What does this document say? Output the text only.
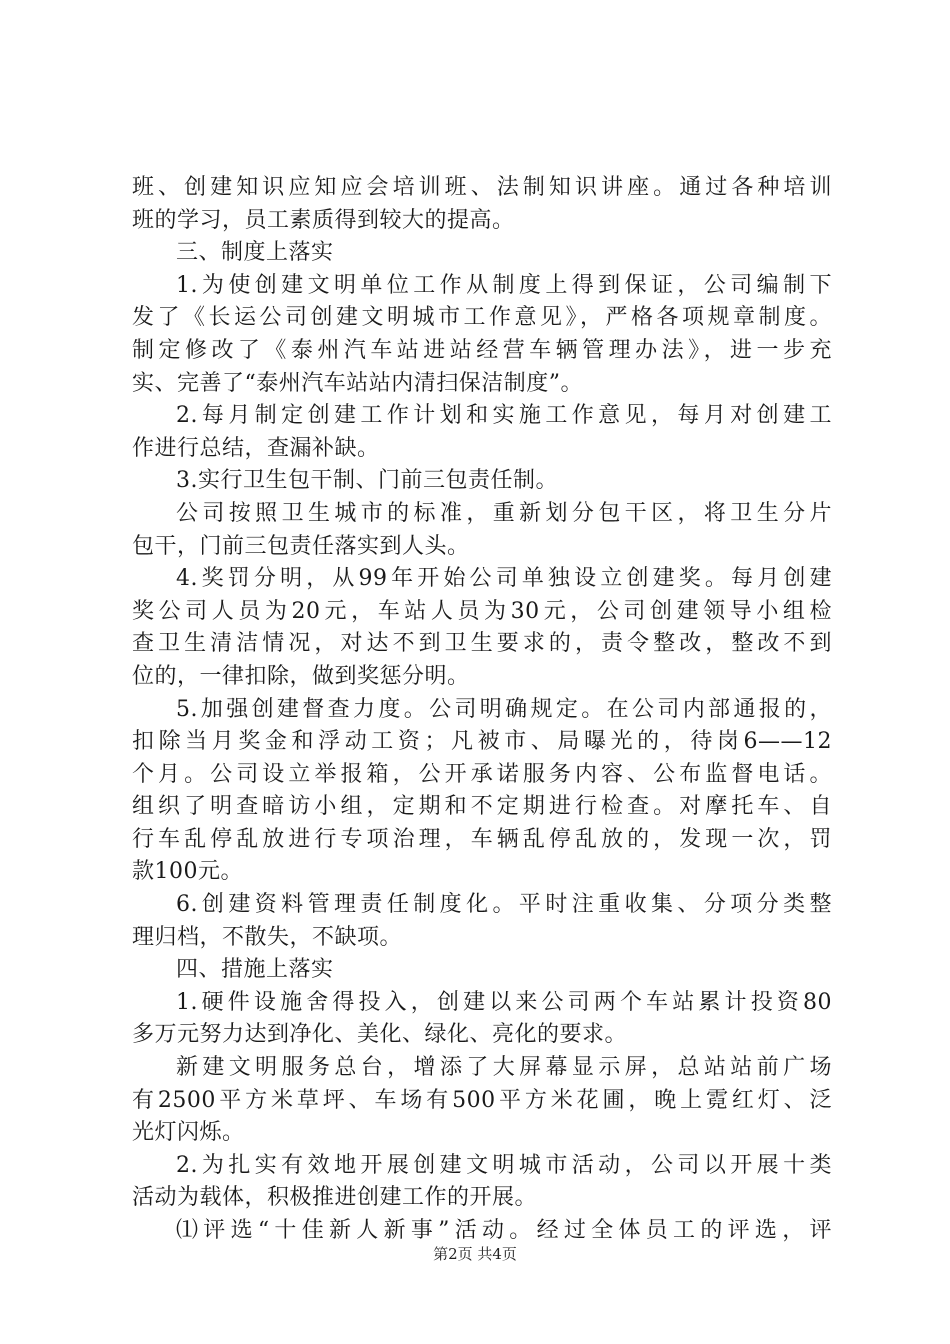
班、创建知识应知应会培训班、法制知识讲座。通过各种培训
班的学习，员工素质得到较大的提高。
三、制度上落实
1.为使创建文明单位工作从制度上得到保证，公司编制下
发了《长运公司创建文明城市工作意见》，严格各项规章制度。
制定修改了《泰州汽车站进站经营车辆管理办法》，进一步充
实、完善了“泰州汽车站站内清扫保洁制度”。
2.每月制定创建工作计划和实施工作意见，每月对创建工
作进行总结，查漏补缺。
3.实行卫生包干制、门前三包责任制。
公司按照卫生城市的标准，重新划分包干区，将卫生分片
包干，门前三包责任落实到人头。
4.奖罚分明，从99年开始公司单独设立创建奖。每月创建
奖公司人员为20元，车站人员为30元，公司创建领导小组检
查卫生清洁情况，对达不到卫生要求的，责令整改，整改不到
位的，一律扣除，做到奖惩分明。
5.加强创建督查力度。公司明确规定。在公司内部通报的，
扣除当月奖金和浮动工资；凡被市、局曝光的，待岗6——12
个月。公司设立举报箱，公开承诺服务内容、公布监督电话。
组织了明查暗访小组，定期和不定期进行检查。对摩托车、自
行车乱停乱放进行专项治理，车辆乱停乱放的，发现一次，罚
款100元。
6.创建资料管理责任制度化。平时注重收集、分项分类整
理归档，不散失，不缺项。
四、措施上落实
1.硬件设施舍得投入，创建以来公司两个车站累计投资80
多万元努力达到净化、美化、绿化、亮化的要求。
新建文明服务总台，增添了大屏幕显示屏，总站站前广场
有2500平方米草坪、车场有500平方米花圃，晚上霓红灯、泛
光灯闪烁。
2.为扎实有效地开展创建文明城市活动，公司以开展十类
活动为载体，积极推进创建工作的开展。
⑴评选“十佳新人新事”活动。经过全体员工的评选，评
第2页 共4页
